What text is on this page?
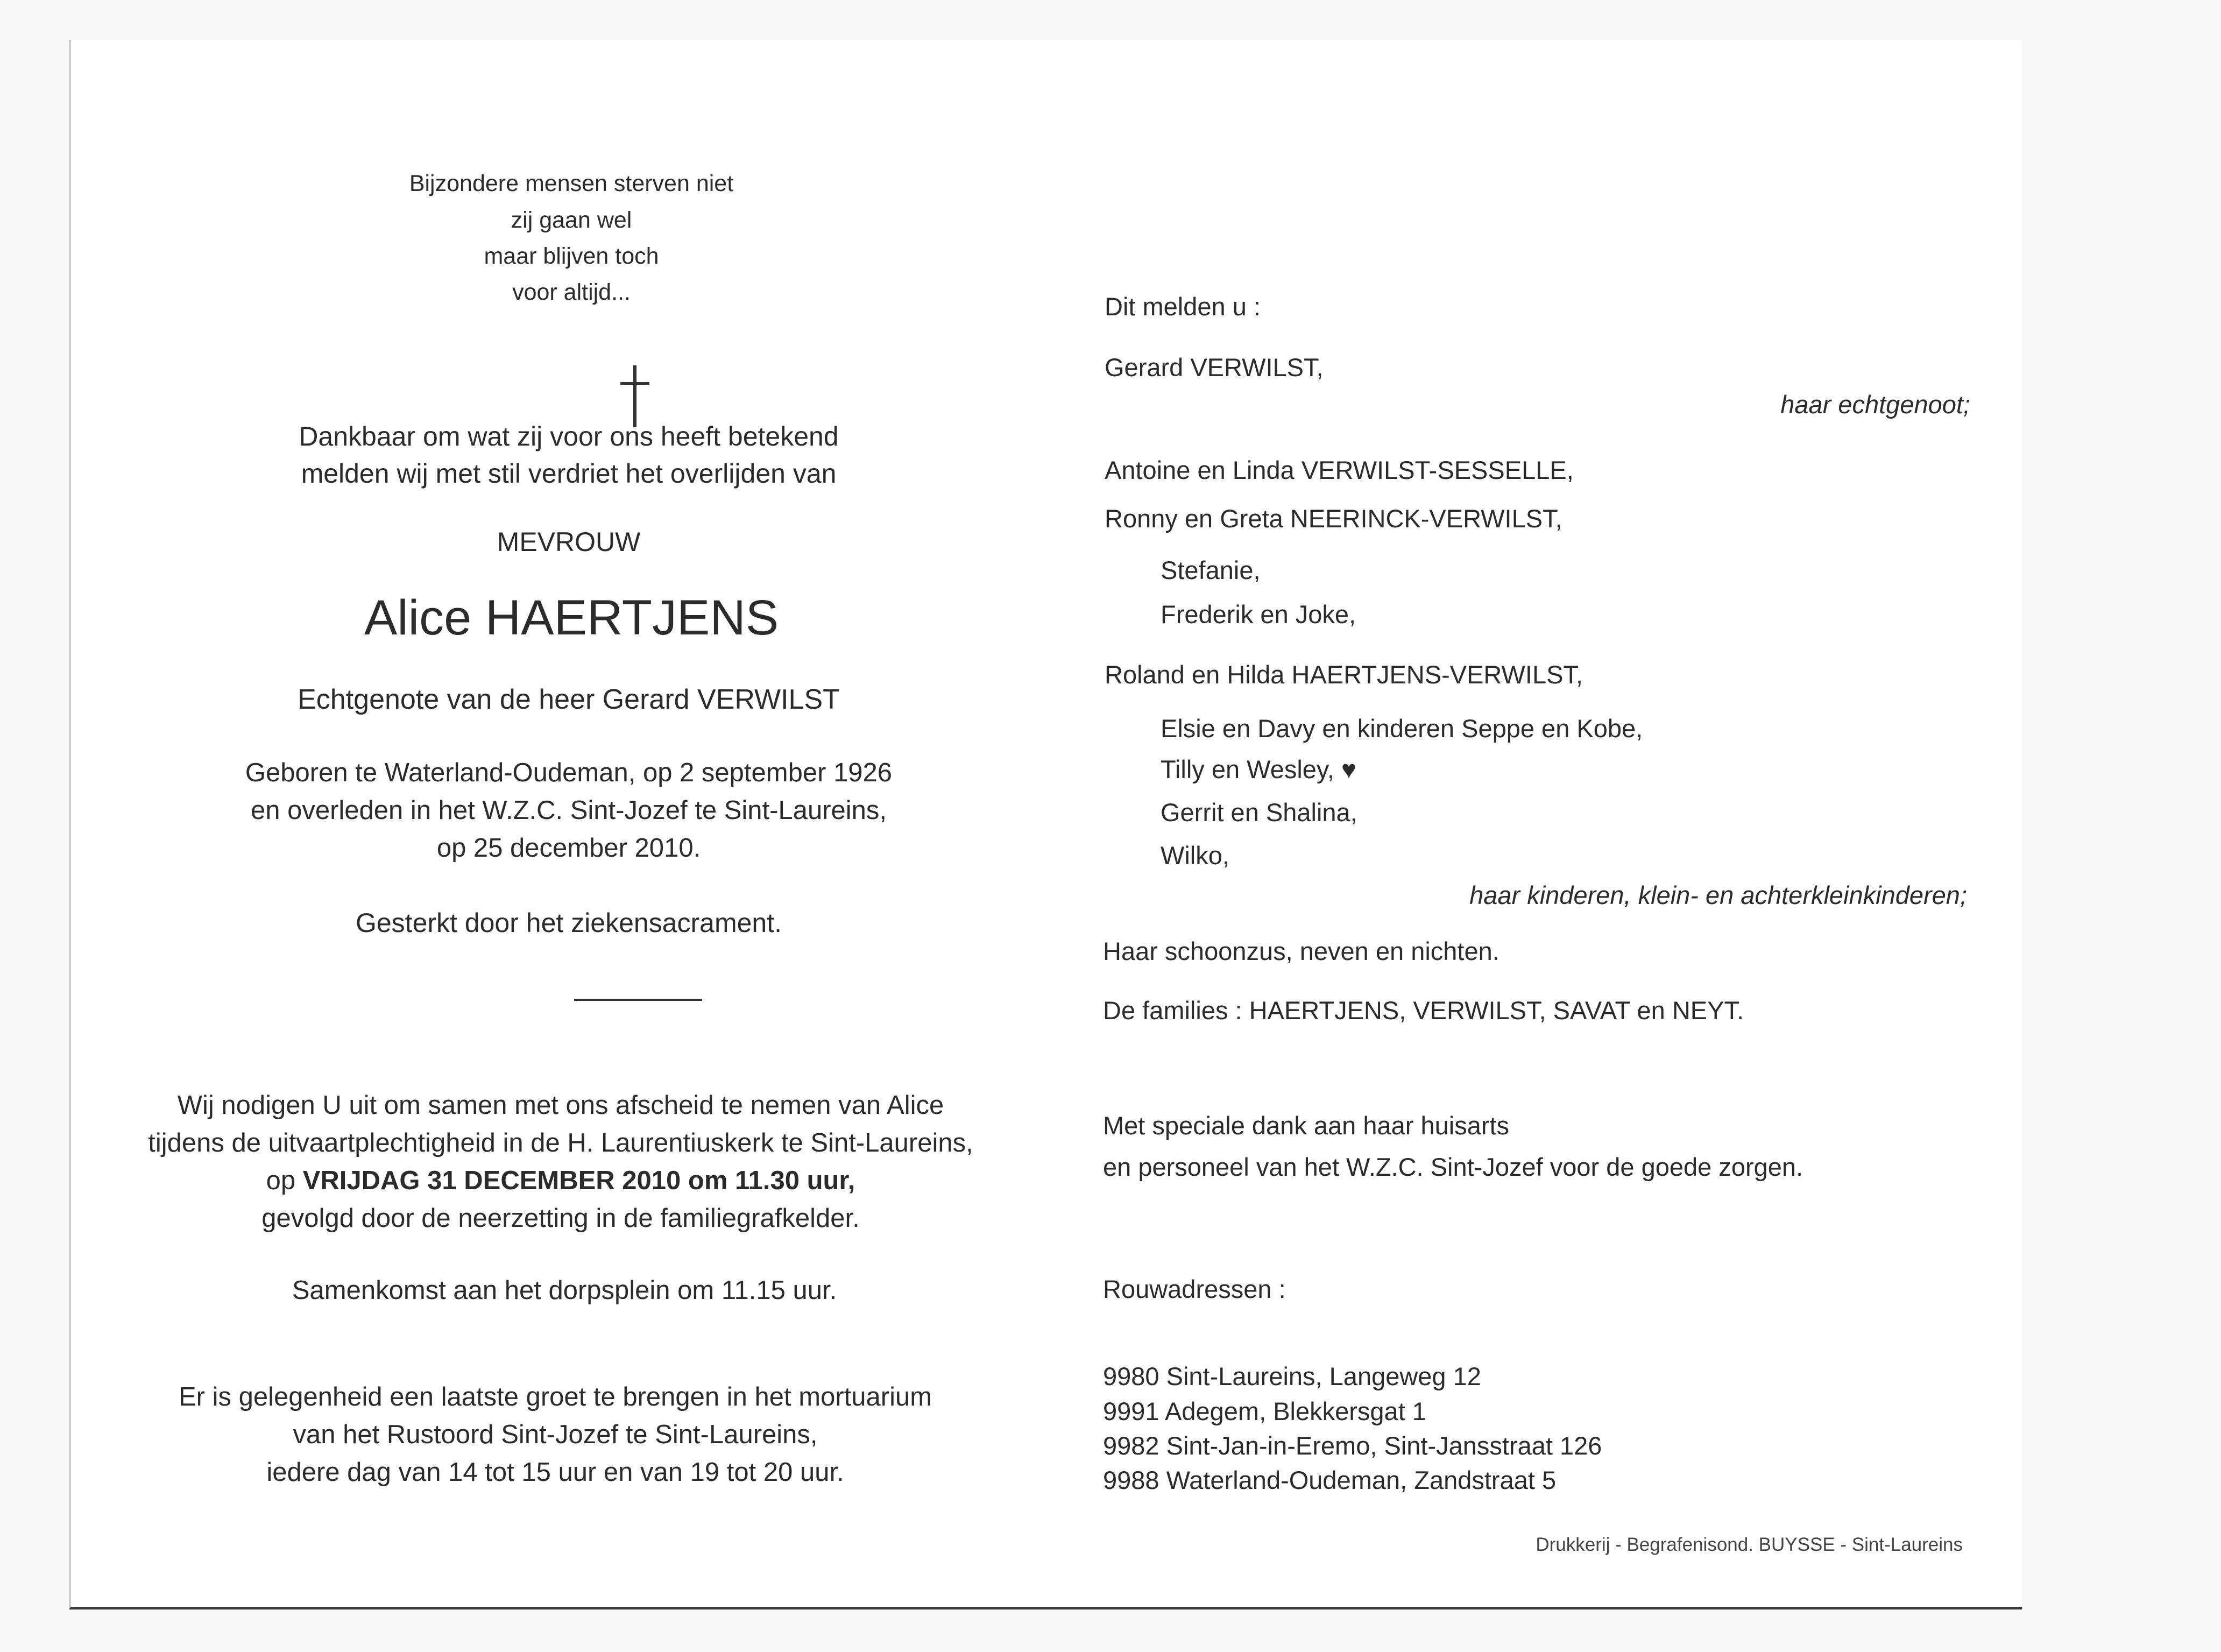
Bijzondere mensen sterven niet
zij gaan wel
maar blijven toch
voor altijd...
Dankbaar om wat zij voor ons heeft betekend
melden wij met stil verdriet het overlijden van
MEVROUW
Alice HAERTJENS
Echtgenote van de heer Gerard VERWILST
Geboren te Waterland-Oudeman, op 2 september 1926
en overleden in het W.Z.C. Sint-Jozef te Sint-Laureins,
op 25 december 2010.
Gesterkt door het ziekensacrament.
Wij nodigen U uit om samen met ons afscheid te nemen van Alice
tijdens de uitvaartplechtigheid in de H. Laurentiuskerk te Sint-Laureins,
op VRIJDAG 31 DECEMBER 2010 om 11.30 uur,
gevolgd door de neerzetting in de familiegrafkelder.
Samenkomst aan het dorpsplein om 11.15 uur.
Er is gelegenheid een laatste groet te brengen in het mortuarium
van het Rustoord Sint-Jozef te Sint-Laureins,
iedere dag van 14 tot 15 uur en van 19 tot 20 uur.
Dit melden u :
Gerard VERWILST,
haar echtgenoot;
Antoine en Linda VERWILST-SESSELLE,
Ronny en Greta NEERINCK-VERWILST,
Stefanie,
Frederik en Joke,
Roland en Hilda HAERTJENS-VERWILST,
Elsie en Davy en kinderen Seppe en Kobe,
Tilly en Wesley, ♥
Gerrit en Shalina,
Wilko,
haar kinderen, klein- en achterkleinkinderen;
Haar schoonzus, neven en nichten.
De families : HAERTJENS, VERWILST, SAVAT en NEYT.
Met speciale dank aan haar huisarts
en personeel van het W.Z.C. Sint-Jozef voor de goede zorgen.
Rouwadressen :
9980 Sint-Laureins, Langeweg 12
9991 Adegem, Blekkersgat 1
9982 Sint-Jan-in-Eremo, Sint-Jansstraat 126
9988 Waterland-Oudeman, Zandstraat 5
Drukkerij - Begrafenisond. BUYSSE - Sint-Laureins
